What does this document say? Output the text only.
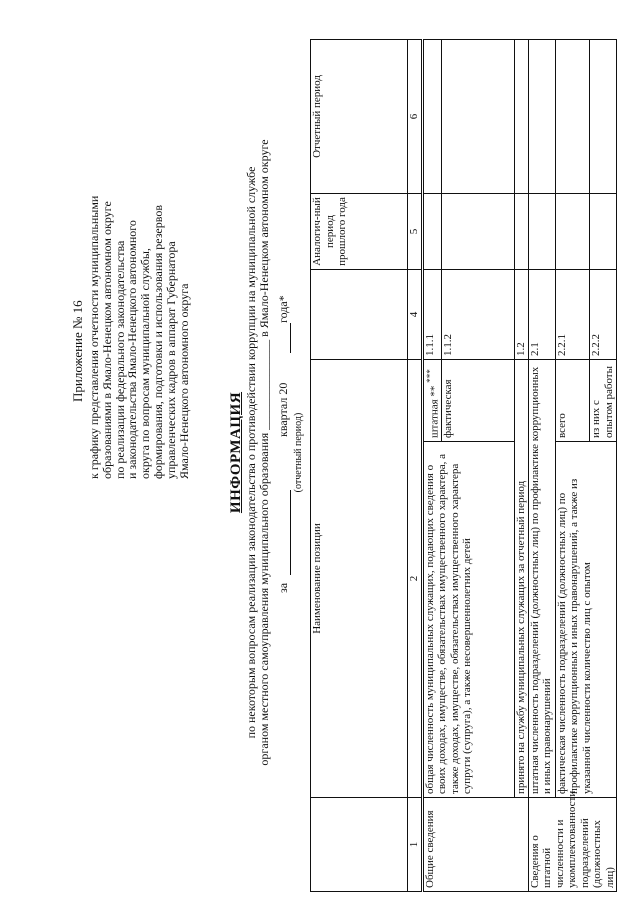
Приложение № 16 к графику представления отчетности муниципальными
образованиями в Ямало-Ненецком автономном округе
по реализации федерального законодательства
и законодательства Ямало-Ненецкого автономного
округа по вопросам муниципальной службы,
формирования, подготовки и использования резервов
управленческих кадров в аппарат Губернатора
Ямало-Ненецкого автономного округа ИНФОРМАЦИЯ по некоторым вопросам реализации законодательства о противодействии коррупции на муниципальной службе органом местного самоуправления муниципального образования _______________ в Ямало-Ненецком автономном округе за
квартал 20
года*
(отчетный период)
	Наименование позиции			Аналогич-ный период прошлого года	Отчетный период
1	2		4	5	6
Общие сведения	общая численность муниципальных служащих, подающих сведения о своих доходах, имуществе, обязательствах имущественного характера, а также доходах, имуществе, обязательствах имущественного характера супруги (супруга), а также несовершеннолетних детей	штатная ** ***	1.1.1		
		фактическая	1.1.2		
	принято на службу муниципальных служащих за отчетный период		1.2		
Сведения о штатной численности и укомплектованности подразделений (должностных лиц)	штатная численность подразделений (должностных лиц) по профилактике коррупционных и иных правонарушений		2.1		
	фактическая численность подразделений (должностных лиц) по профилактике коррупционных и иных правонарушений, а также из указанной численности количество лиц с опытом	всего	2.2.1		
		из них с опытом работы	2.2.2		
